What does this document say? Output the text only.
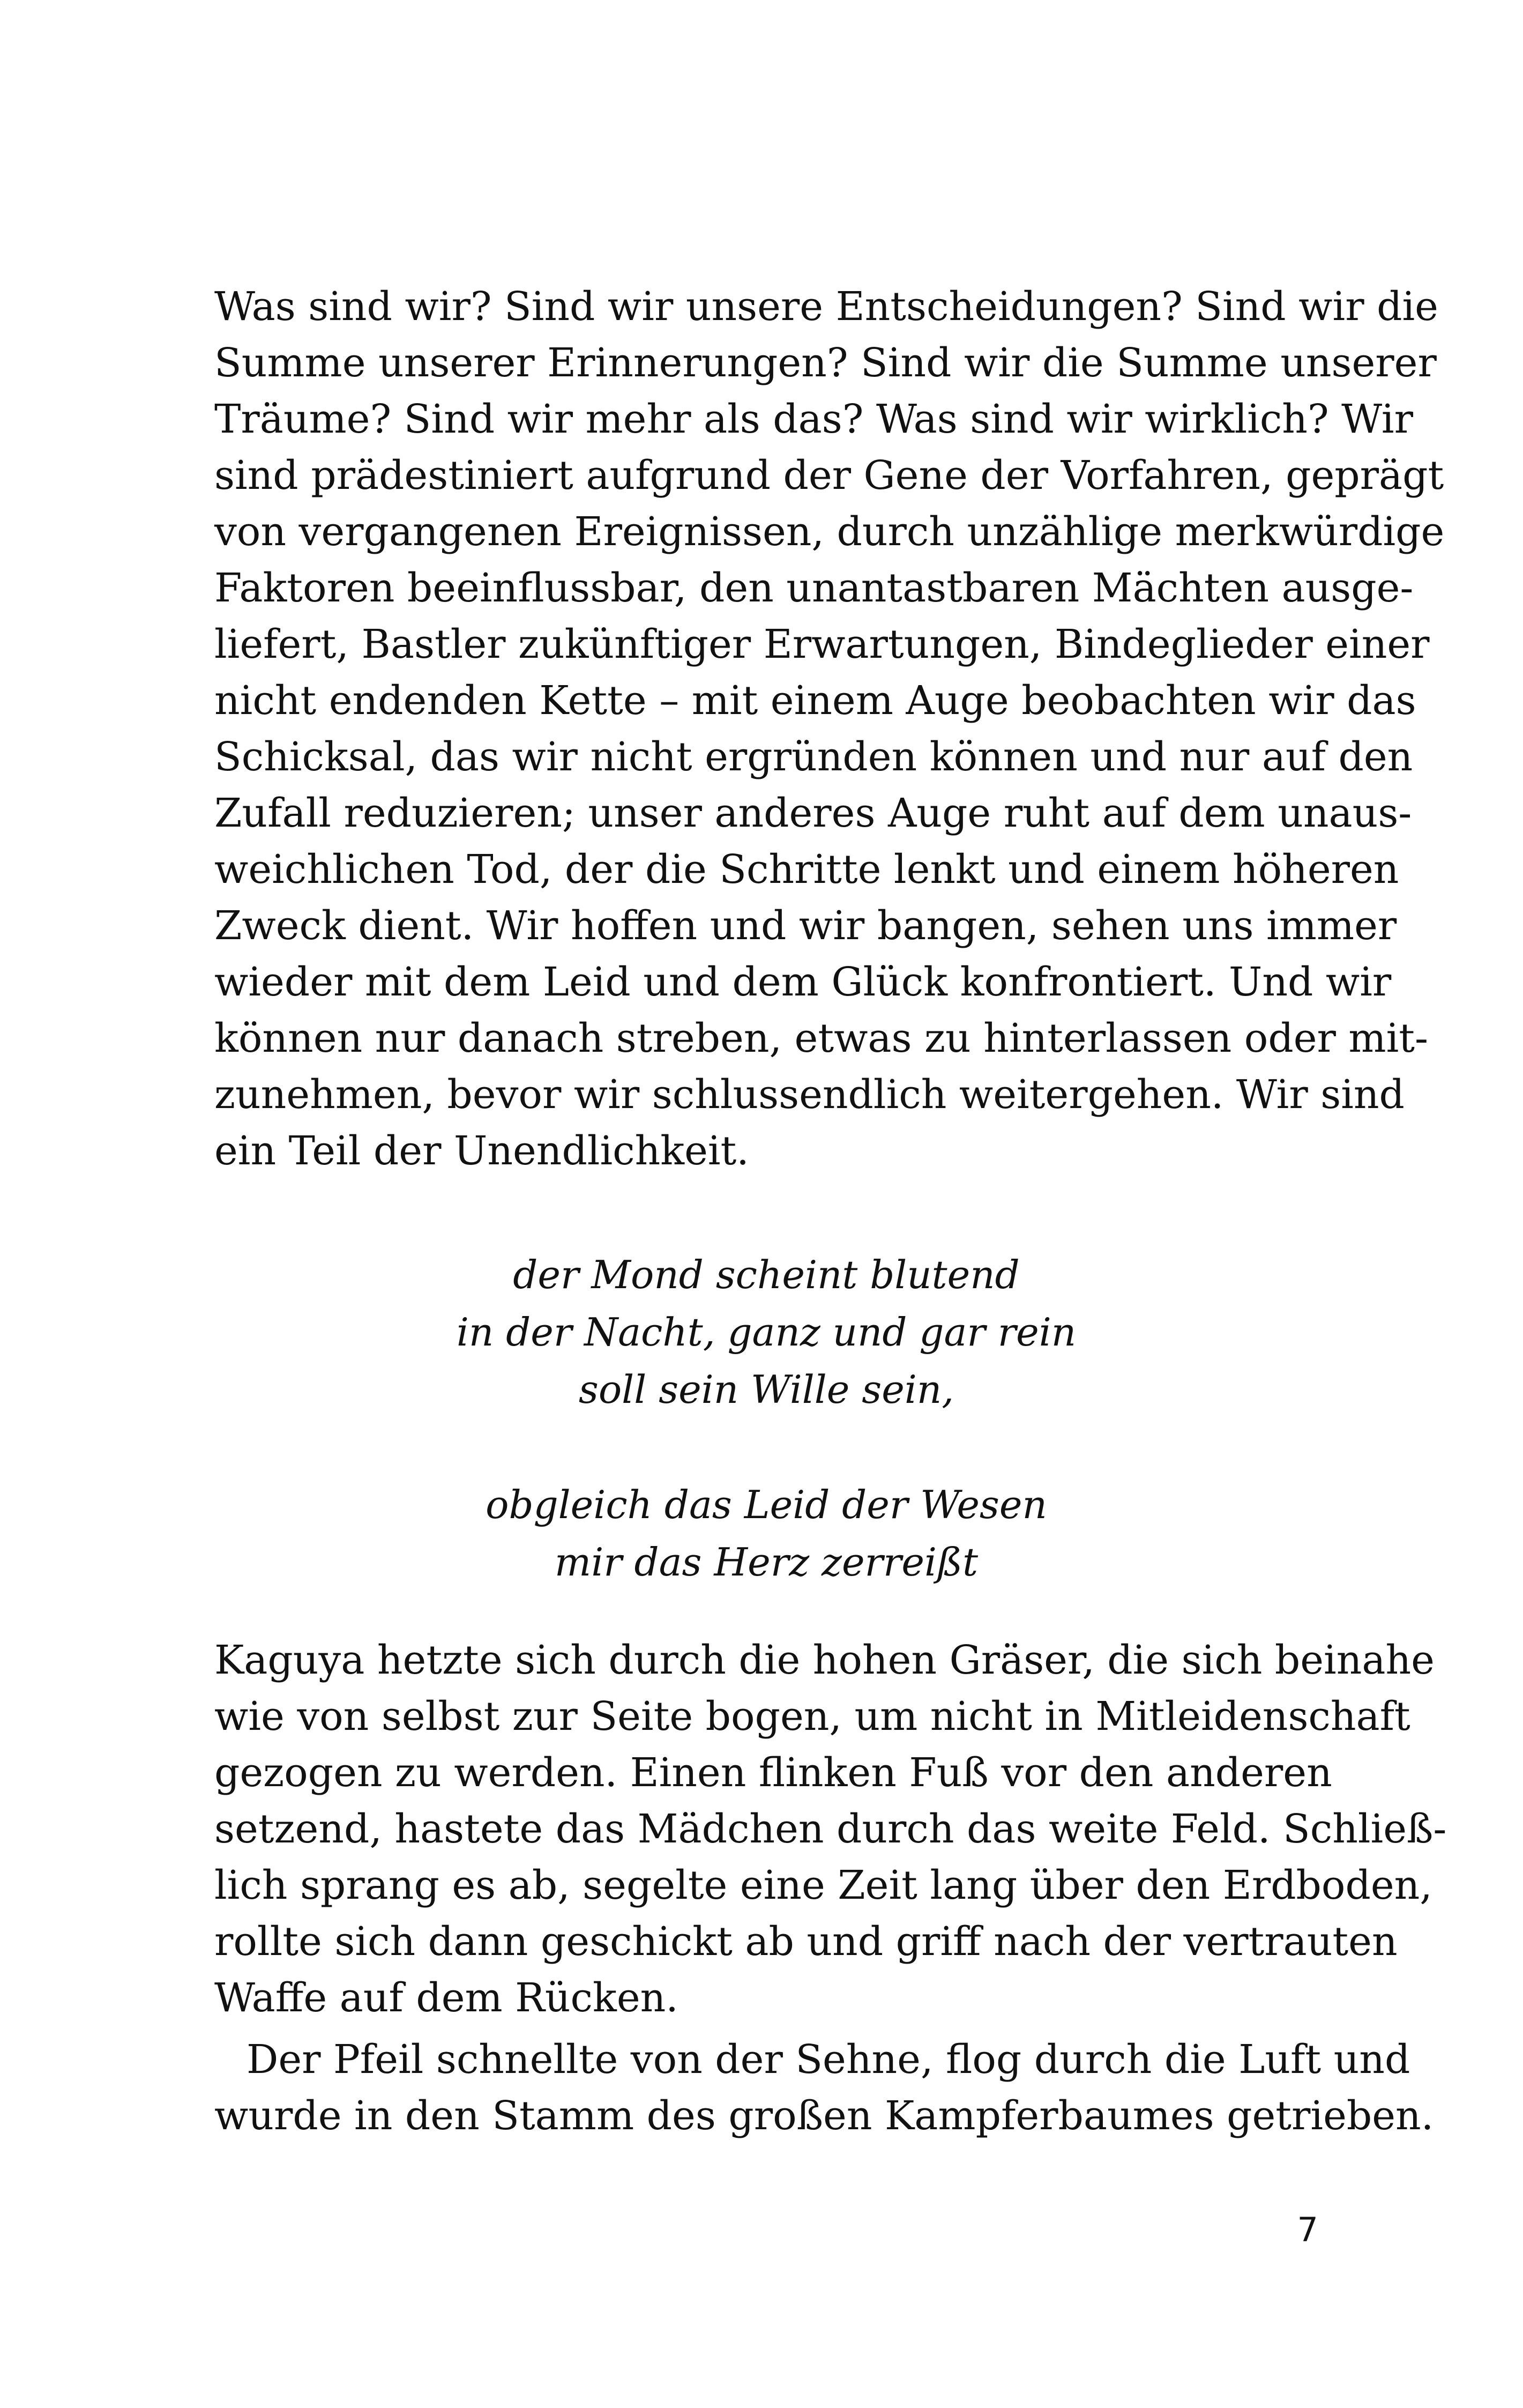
Was sind wir? Sind wir unsere Entscheidungen? Sind wir die
Summe unserer Erinnerungen? Sind wir die Summe unserer
Träume? Sind wir mehr als das? Was sind wir wirklich? Wir
sind prädestiniert aufgrund der Gene der Vorfahren, geprägt
von vergangenen Ereignissen, durch unzählige merkwürdige
Faktoren beeinflussbar, den unantastbaren Mächten ausge-
liefert, Bastler zukünftiger Erwartungen, Bindeglieder einer
nicht endenden Kette – mit einem Auge beobachten wir das
Schicksal, das wir nicht ergründen können und nur auf den
Zufall reduzieren; unser anderes Auge ruht auf dem unaus-
weichlichen Tod, der die Schritte lenkt und einem höheren
Zweck dient. Wir hoffen und wir bangen, sehen uns immer
wieder mit dem Leid und dem Glück konfrontiert. Und wir
können nur danach streben, etwas zu hinterlassen oder mit-
zunehmen, bevor wir schlussendlich weitergehen. Wir sind
ein Teil der Unendlichkeit.
der Mond scheint blutend
in der Nacht, ganz und gar rein
soll sein Wille sein,
obgleich das Leid der Wesen
mir das Herz zerreißt
Kaguya hetzte sich durch die hohen Gräser, die sich beinahe
wie von selbst zur Seite bogen, um nicht in Mitleidenschaft
gezogen zu werden. Einen flinken Fuß vor den anderen
setzend, hastete das Mädchen durch das weite Feld. Schließ-
lich sprang es ab, segelte eine Zeit lang über den Erdboden,
rollte sich dann geschickt ab und griff nach der vertrauten
Waffe auf dem Rücken.
Der Pfeil schnellte von der Sehne, flog durch die Luft und
wurde in den Stamm des großen Kampferbaumes getrieben.
7
